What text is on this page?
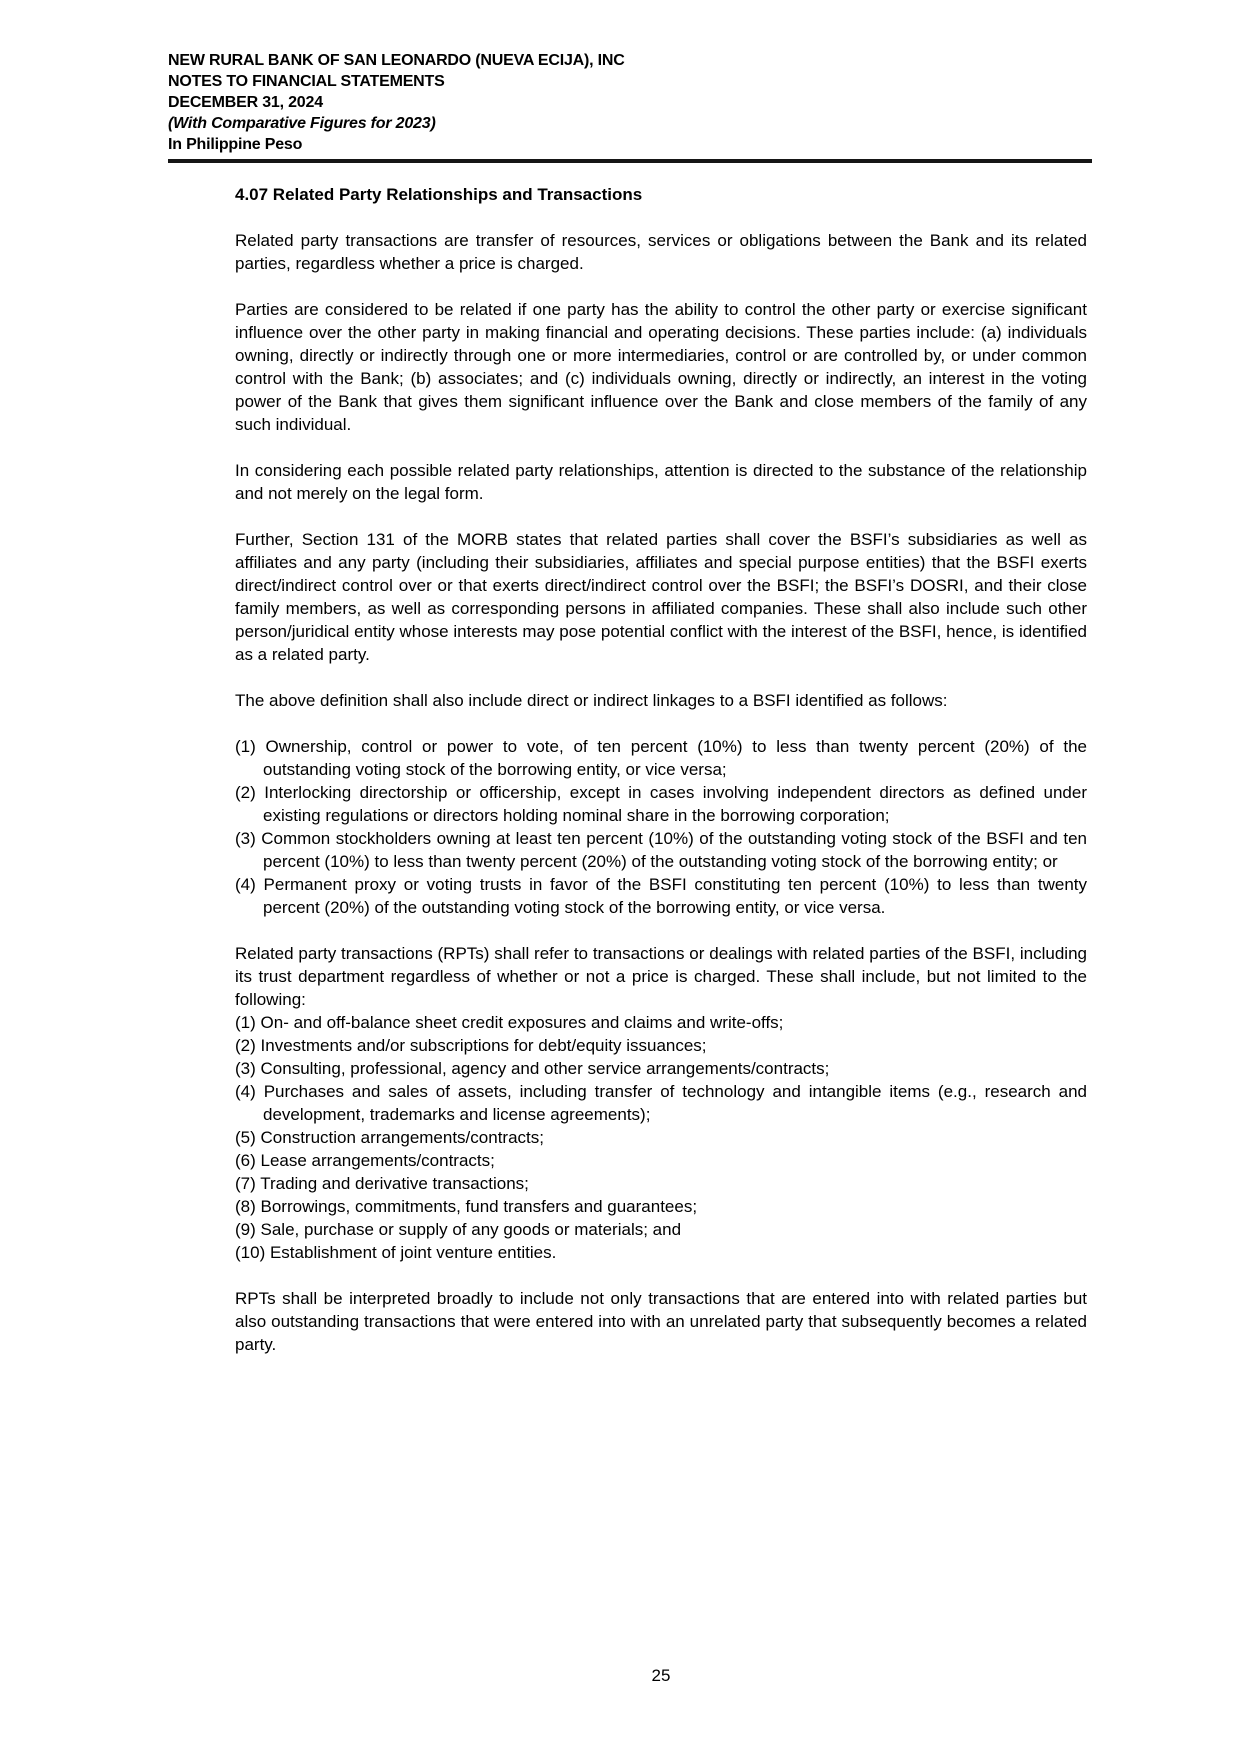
NEW RURAL BANK OF SAN LEONARDO (NUEVA ECIJA), INC
NOTES TO FINANCIAL STATEMENTS
DECEMBER 31, 2024
(With Comparative Figures for 2023)
In Philippine Peso
4.07 Related Party Relationships and Transactions
Related party transactions are transfer of resources, services or obligations between the Bank and its related parties, regardless whether a price is charged.
Parties are considered to be related if one party has the ability to control the other party or exercise significant influence over the other party in making financial and operating decisions. These parties include: (a) individuals owning, directly or indirectly through one or more intermediaries, control or are controlled by, or under common control with the Bank; (b) associates; and (c) individuals owning, directly or indirectly, an interest in the voting power of the Bank that gives them significant influence over the Bank and close members of the family of any such individual.
In considering each possible related party relationships, attention is directed to the substance of the relationship and not merely on the legal form.
Further, Section 131 of the MORB states that related parties shall cover the BSFI’s subsidiaries as well as affiliates and any party (including their subsidiaries, affiliates and special purpose entities) that the BSFI exerts direct/indirect control over or that exerts direct/indirect control over the BSFI; the BSFI’s DOSRI, and their close family members, as well as corresponding persons in affiliated companies. These shall also include such other person/juridical entity whose interests may pose potential conflict with the interest of the BSFI, hence, is identified as a related party.
The above definition shall also include direct or indirect linkages to a BSFI identified as follows:
(1) Ownership, control or power to vote, of ten percent (10%) to less than twenty percent (20%) of the outstanding voting stock of the borrowing entity, or vice versa;
(2) Interlocking directorship or officership, except in cases involving independent directors as defined under existing regulations or directors holding nominal share in the borrowing corporation;
(3) Common stockholders owning at least ten percent (10%) of the outstanding voting stock of the BSFI and ten percent (10%) to less than twenty percent (20%) of the outstanding voting stock of the borrowing entity; or
(4) Permanent proxy or voting trusts in favor of the BSFI constituting ten percent (10%) to less than twenty percent (20%) of the outstanding voting stock of the borrowing entity, or vice versa.
Related party transactions (RPTs) shall refer to transactions or dealings with related parties of the BSFI, including its trust department regardless of whether or not a price is charged. These shall include, but not limited to the following:
(1) On- and off-balance sheet credit exposures and claims and write-offs;
(2) Investments and/or subscriptions for debt/equity issuances;
(3) Consulting, professional, agency and other service arrangements/contracts;
(4) Purchases and sales of assets, including transfer of technology and intangible items (e.g., research and development, trademarks and license agreements);
(5) Construction arrangements/contracts;
(6) Lease arrangements/contracts;
(7) Trading and derivative transactions;
(8) Borrowings, commitments, fund transfers and guarantees;
(9) Sale, purchase or supply of any goods or materials; and
(10) Establishment of joint venture entities.
RPTs shall be interpreted broadly to include not only transactions that are entered into with related parties but also outstanding transactions that were entered into with an unrelated party that subsequently becomes a related party.
25
